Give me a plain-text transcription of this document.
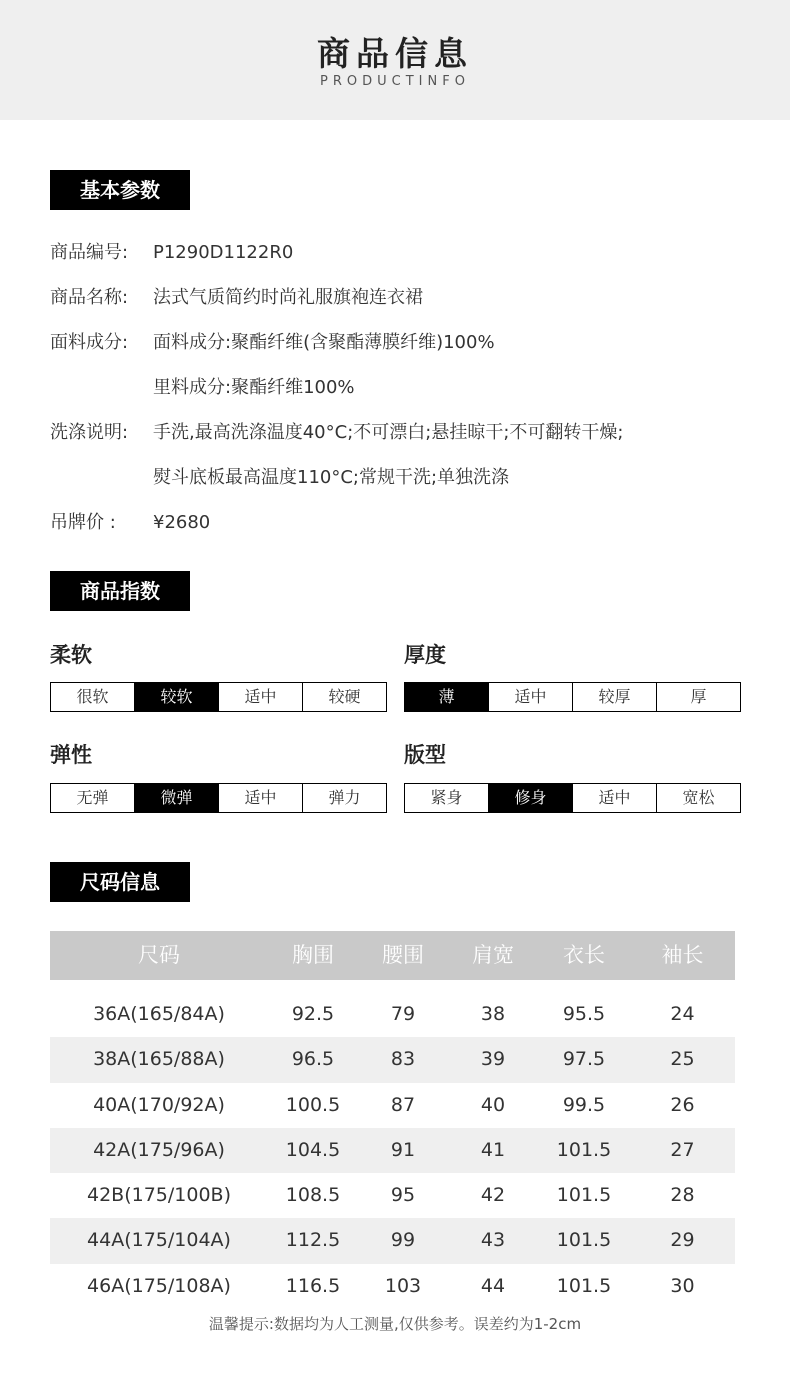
商品信息
PRODUCTINFO
基本参数
商品编号: P1290D1122R0
商品名称: 法式气质简约时尚礼服旗袍连衣裙
面料成分: 面料成分:聚酯纤维(含聚酯薄膜纤维)100%
里料成分:聚酯纤维100%
洗涤说明: 手洗,最高洗涤温度40°C;不可漂白;悬挂晾干;不可翻转干燥;
熨斗底板最高温度110°C;常规干洗;单独洗涤
吊牌价 : ¥2680
商品指数
柔软
很软	较软	适中	较硬
厚度
薄	适中	较厚	厚
弹性
无弹	微弹	适中	弹力
版型
紧身	修身	适中	宽松
尺码信息
尺码	胸围	腰围	肩宽	衣长	袖长
36A(165/84A)	92.5	79	38	95.5	24
38A(165/88A)	96.5	83	39	97.5	25
40A(170/92A)	100.5	87	40	99.5	26
42A(175/96A)	104.5	91	41	101.5	27
42B(175/100B)	108.5	95	42	101.5	28
44A(175/104A)	112.5	99	43	101.5	29
46A(175/108A)	116.5	103	44	101.5	30
温馨提示:数据均为人工测量,仅供参考。误差约为1-2cm
